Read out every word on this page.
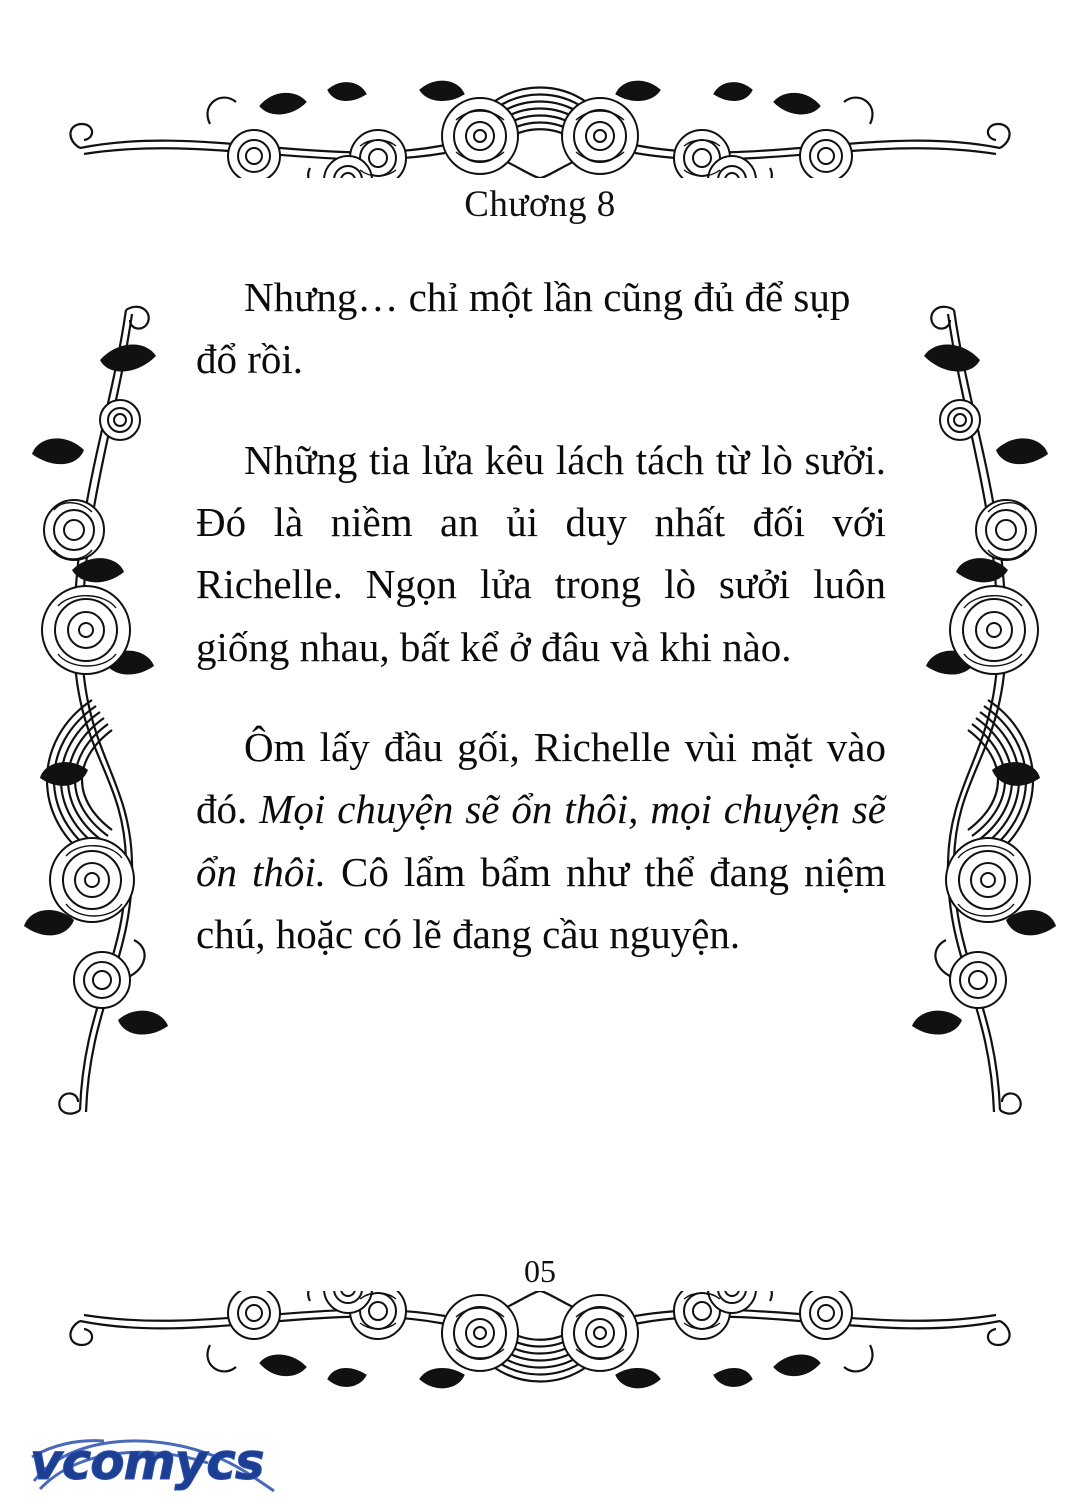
Chương 8

Nhưng… chỉ một lần cũng đủ để sụp đổ rồi.

Những tia lửa kêu lách tách từ lò sưởi. Đó là niềm an ủi duy nhất đối với Richelle. Ngọn lửa trong lò sưởi luôn giống nhau, bất kể ở đâu và khi nào.

Ôm lấy đầu gối, Richelle vùi mặt vào đó. Mọi chuyện sẽ ổn thôi, mọi chuyện sẽ ổn thôi. Cô lẩm bẩm như thể đang niệm chú, hoặc có lẽ đang cầu nguyện.

05
vcomycs
